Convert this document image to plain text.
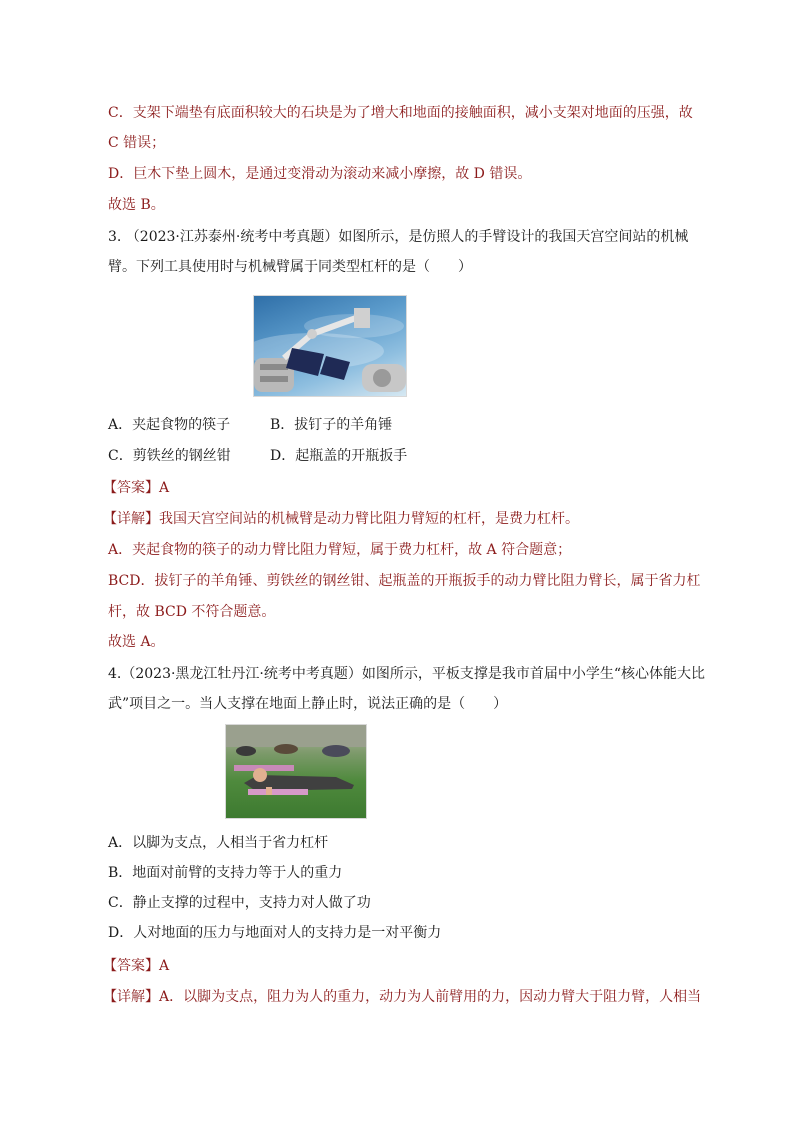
C．支架下端垫有底面积较大的石块是为了增大和地面的接触面积，减小支架对地面的压强，故
C 错误；
D．巨木下垫上圆木，是通过变滑动为滚动来减小摩擦，故 D 错误。
故选 B。
3. （2023·江苏泰州·统考中考真题）如图所示，是仿照人的手臂设计的我国天宫空间站的机械
臂。下列工具使用时与机械臂属于同类型杠杆的是（　　）
A．夹起食物的筷子	B．拔钉子的羊角锤
C．剪铁丝的钢丝钳	D．起瓶盖的开瓶扳手
【答案】A
【详解】我国天宫空间站的机械臂是动力臂比阻力臂短的杠杆，是费力杠杆。
A．夹起食物的筷子的动力臂比阻力臂短，属于费力杠杆，故 A 符合题意；
BCD．拔钉子的羊角锤、剪铁丝的钢丝钳、起瓶盖的开瓶扳手的动力臂比阻力臂长，属于省力杠
杆，故 BCD 不符合题意。
故选 A。
4.（2023·黑龙江牡丹江·统考中考真题）如图所示，平板支撑是我市首届中小学生“核心体能大比
武”项目之一。当人支撑在地面上静止时，说法正确的是（　　）
A．以脚为支点，人相当于省力杠杆
B．地面对前臂的支持力等于人的重力
C．静止支撑的过程中，支持力对人做了功
D．人对地面的压力与地面对人的支持力是一对平衡力
【答案】A
【详解】A．以脚为支点，阻力为人的重力，动力为人前臂用的力，因动力臂大于阻力臂，人相当
